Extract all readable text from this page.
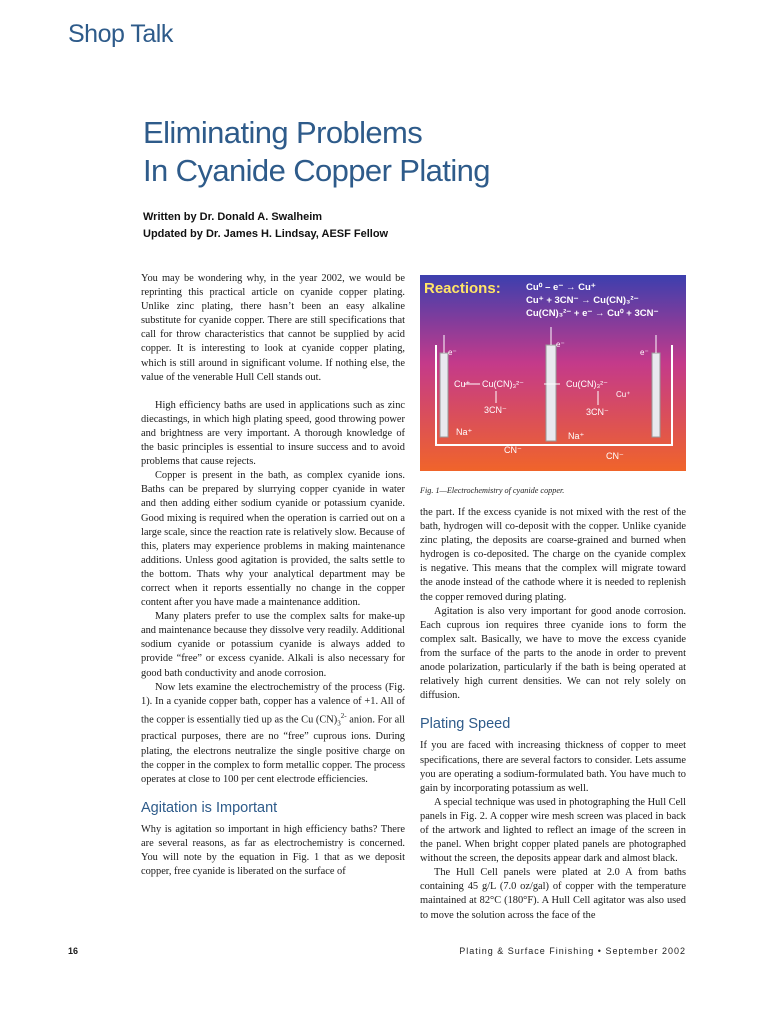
Shop Talk
Eliminating Problems
In Cyanide Copper Plating
Written by Dr. Donald A. Swalheim
Updated by Dr. James H. Lindsay, AESF Fellow

You may be wondering why, in the year 2002, we would be reprinting this practical article on cyanide copper plating. Unlike zinc plating, there hasn’t been an easy alkaline substitute for cyanide copper. There are still specifications that call for throw characteristics that cannot be supplied by acid copper. It is interesting to look at cyanide copper plating, which is still around in significant volume. If nothing else, the value of the venerable Hull Cell stands out.

High efficiency baths are used in applications such as zinc diecastings, in which high plating speed, good throwing power and brightness are very important. A thorough knowledge of the basic principles is essential to insure success and to avoid problems that cause rejects.

Copper is present in the bath, as complex cyanide ions. Baths can be prepared by slurrying copper cyanide in water and then adding either sodium cyanide or potassium cyanide. Good mixing is required when the operation is carried out on a large scale, since the reaction rate is relatively slow. Because of this, platers may experience problems in making maintenance additions. Unless good agitation is provided, the salts settle to the bottom. Thats why your analytical department may be correct when it reports essentially no change in the copper content after you have made a maintenance addition.

Many platers prefer to use the complex salts for make-up and maintenance because they dissolve very readily. Additional sodium cyanide or potassium cyanide is always added to provide “free” or excess cyanide. Alkali is also necessary for good bath conductivity and anode corrosion.

Now lets examine the electrochemistry of the process (Fig. 1). In a cyanide copper bath, copper has a valence of +1. All of the copper is essentially tied up as the Cu $(CN)_3^{2-}$ anion. For all practical purposes, there are no “free” cuprous ions. During plating, the electrons neutralize the single positive charge on the copper in the complex to form metallic copper. The process operates at close to 100 per cent electrode efficiencies.

Agitation is Important

Why is agitation so important in high efficiency baths? There are several reasons, as far as electrochemistry is concerned. You will note by the equation in Fig. 1 that as we deposit copper, free cyanide is liberated on the surface of

Reactions:	Cu⁰ – e⁻ → Cu⁺
Cu⁺ + 3CN⁻ → Cu(CN)₃²⁻
Cu(CN)₃²⁻ + e⁻ → Cu⁰ + 3CN⁻
e⁻
e⁻
e⁻
Cu⁺ Cu(CN)₃²⁻	Cu(CN)₃²⁻
Cu⁺
3CN⁻	3CN⁻
Na⁺	Na⁺
CN⁻
CN⁻
Fig. 1—Electrochemistry of cyanide copper.

the part. If the excess cyanide is not mixed with the rest of the bath, hydrogen will co-deposit with the copper. Unlike cyanide zinc plating, the deposits are coarse-grained and burned when hydrogen is co-deposited. The charge on the cyanide complex is negative. This means that the complex will migrate toward the anode instead of the cathode where it is needed to replenish the copper removed during plating.

Agitation is also very important for good anode corrosion. Each cuprous ion requires three cyanide ions to form the complex salt. Basically, we have to move the excess cyanide from the surface of the parts to the anode in order to prevent anode polarization, particularly if the bath is being operated at relatively high current densities. We can not rely solely on diffusion.

Plating Speed

If you are faced with increasing thickness of copper to meet specifications, there are several factors to consider. Lets assume you are operating a sodium-formulated bath. You have much to gain by incorporating potassium as well.

A special technique was used in photographing the Hull Cell panels in Fig. 2. A copper wire mesh screen was placed in back of the artwork and lighted to reflect an image of the screen in the panel. When bright copper plated panels are photographed without the screen, the deposits appear dark and almost black.

The Hull Cell panels were plated at 2.0 A from baths containing 45 g/L (7.0 oz/gal) of copper with the temperature maintained at 82°C (180°F). A Hull Cell agitator was also used to move the solution across the face of the

16	Plating & Surface Finishing • September 2002
